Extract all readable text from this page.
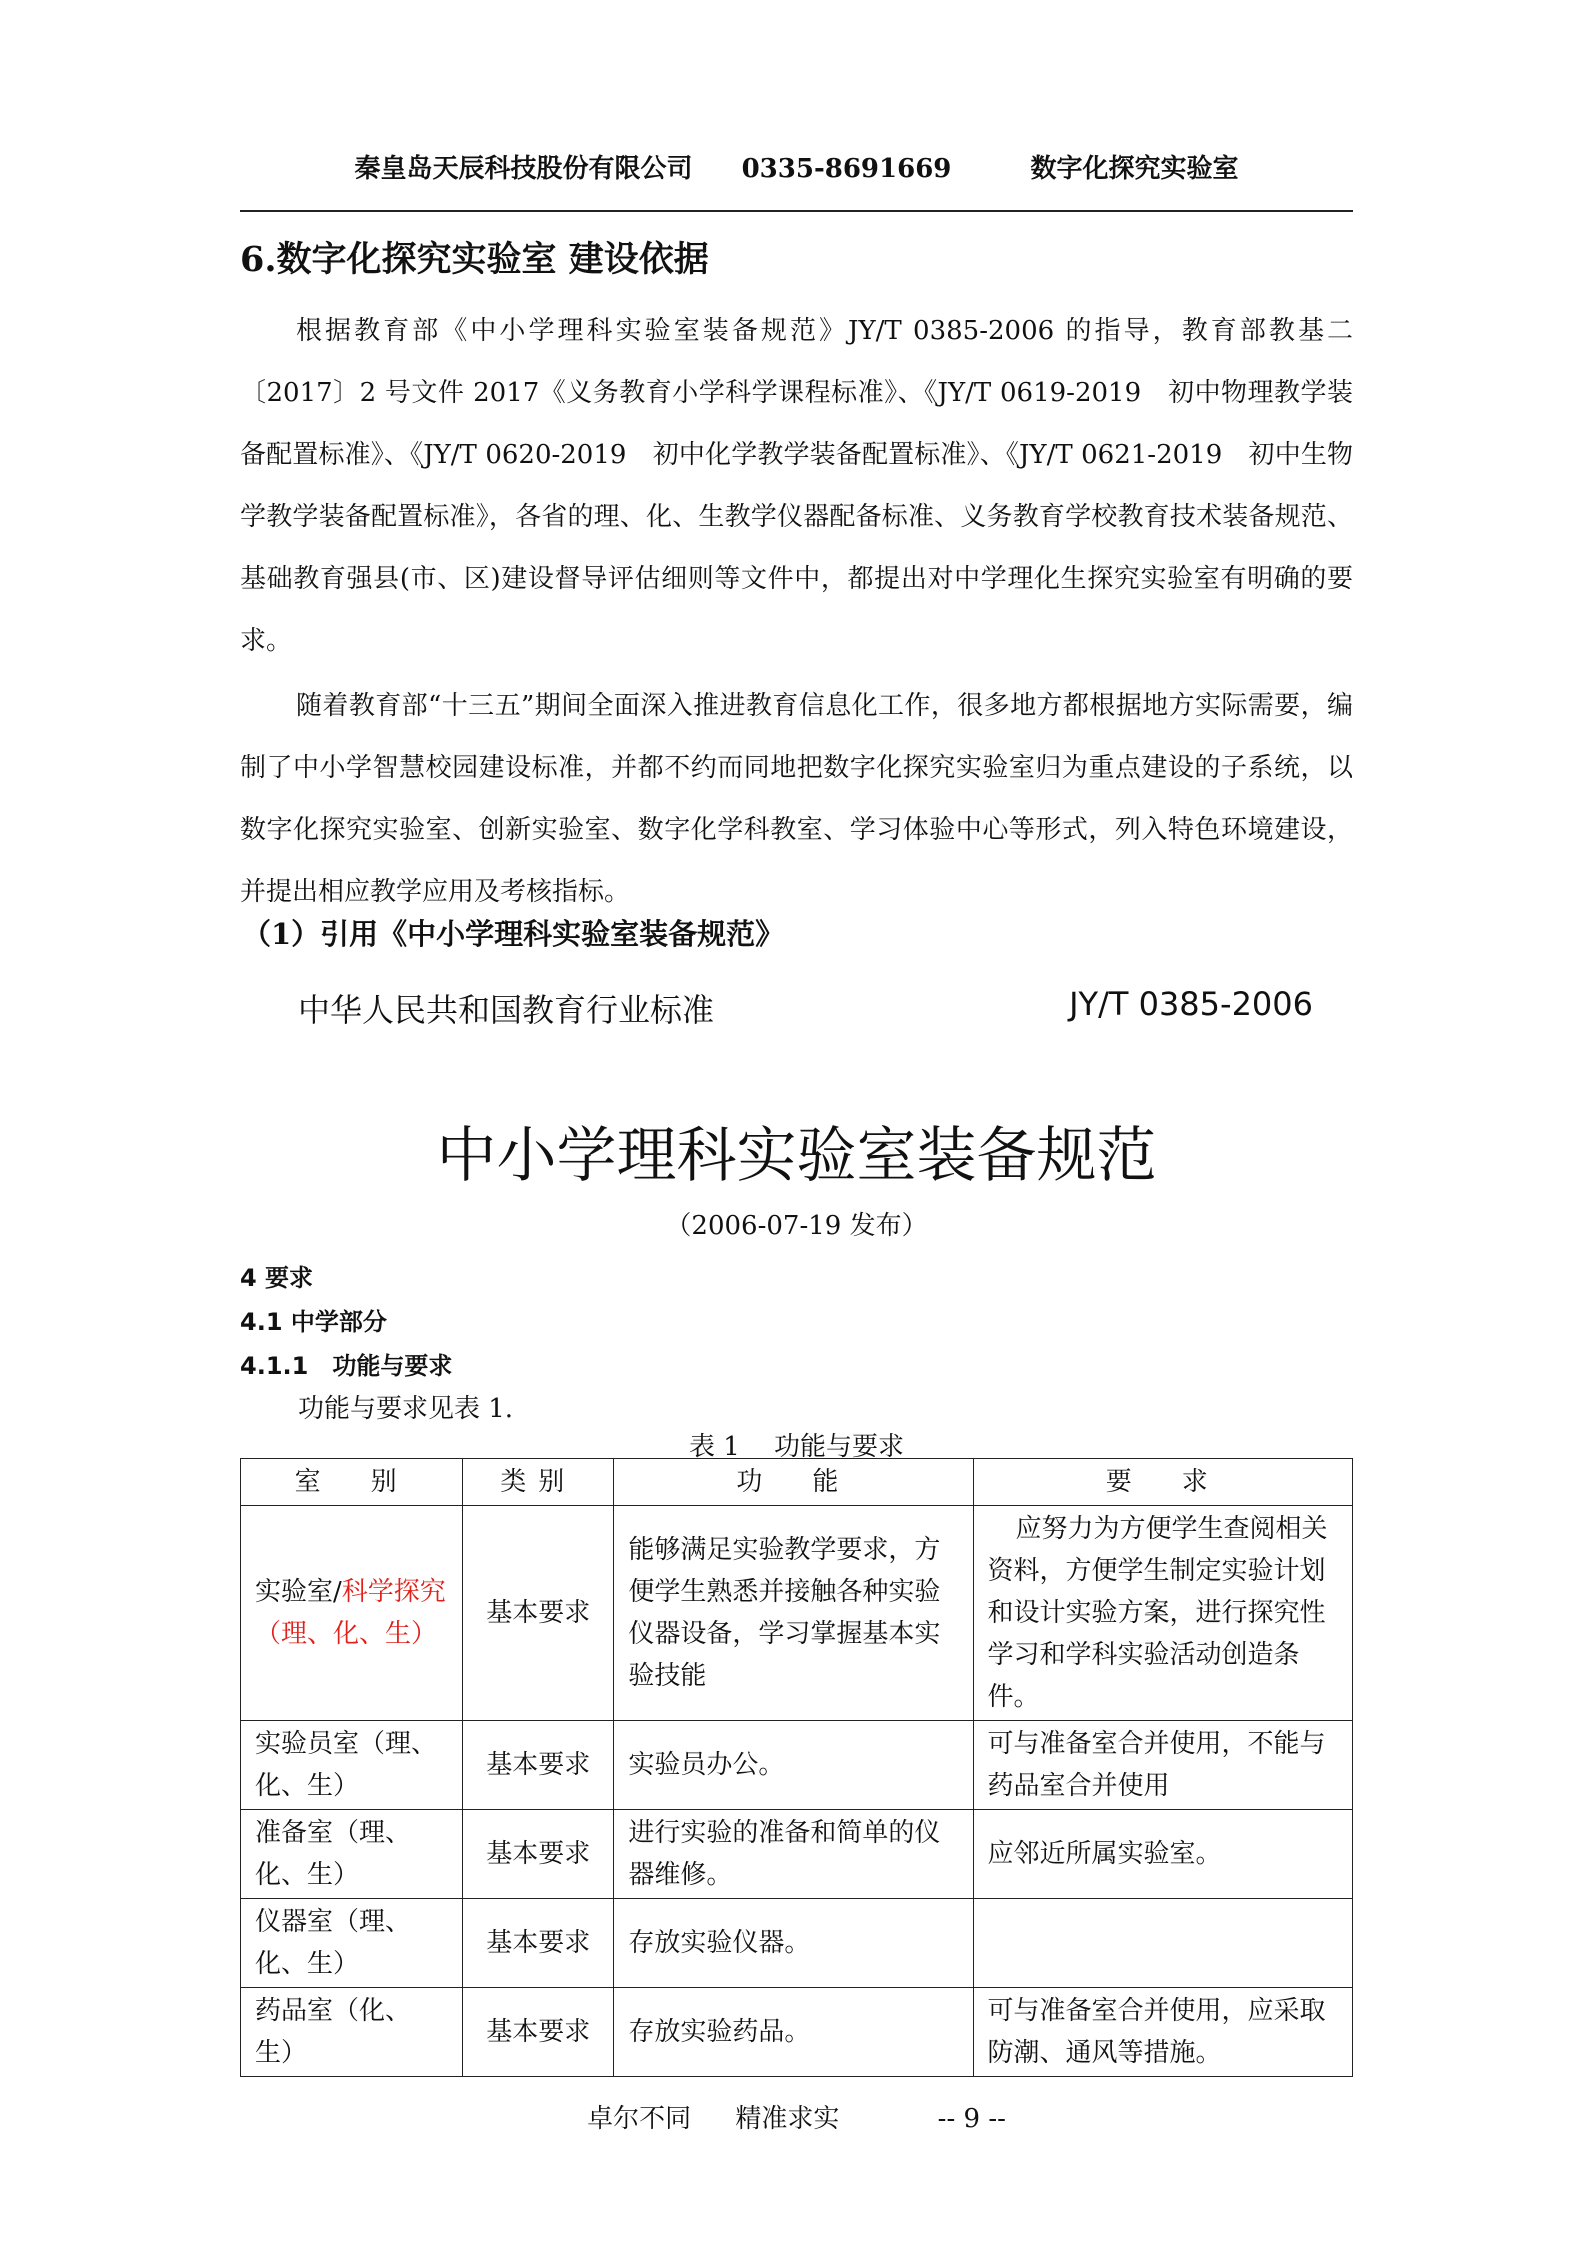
秦皇岛天辰科技股份有限公司 0335-8691669	数字化探究实验室
6.数字化探究实验室 建设依据

根据教育部《中小学理科实验室装备规范》JY/T 0385-2006 的指导，教育部教基二〔2017〕2 号文件 2017《义务教育小学科学课程标准》、《JY/T 0619-2019　初中物理教学装备配置标准》、《JY/T 0620-2019　初中化学教学装备配置标准》、《JY/T 0621-2019　初中生物学教学装备配置标准》，各省的理、化、生教学仪器配备标准、义务教育学校教育技术装备规范、基础教育强县(市、区)建设督导评估细则等文件中，都提出对中学理化生探究实验室有明确的要求。

随着教育部“十三五”期间全面深入推进教育信息化工作，很多地方都根据地方实际需要，编制了中小学智慧校园建设标准，并都不约而同地把数字化探究实验室归为重点建设的子系统，以数字化探究实验室、创新实验室、数字化学科教室、学习体验中心等形式，列入特色环境建设，并提出相应教学应用及考核指标。

（1）引用《中小学理科实验室装备规范》
中华人民共和国教育行业标准	JY/T 0385-2006
中小学理科实验室装备规范
（2006-07-19 发布）
4 要求
4.1 中学部分
4.1.1　功能与要求
功能与要求见表 1.
表 1　 功能与要求
室　别	类别	功　能	要　求
实验室/科学探究（理、化、生）	基本要求	能够满足实验教学要求，方便学生熟悉并接触各种实验仪器设备，学习掌握基本实验技能	应努力为方便学生查阅相关资料，方便学生制定实验计划和设计实验方案，进行探究性学习和学科实验活动创造条件。
实验员室（理、化、生）	基本要求	实验员办公。	可与准备室合并使用，不能与药品室合并使用
准备室（理、化、生）	基本要求	进行实验的准备和简单的仪器维修。	应邻近所属实验室。
仪器室（理、化、生）	基本要求	存放实验仪器。	
药品室（化、生）	基本要求	存放实验药品。	可与准备室合并使用，应采取防潮、通风等措施。
卓尔不同 精准求实	-- 9 --
